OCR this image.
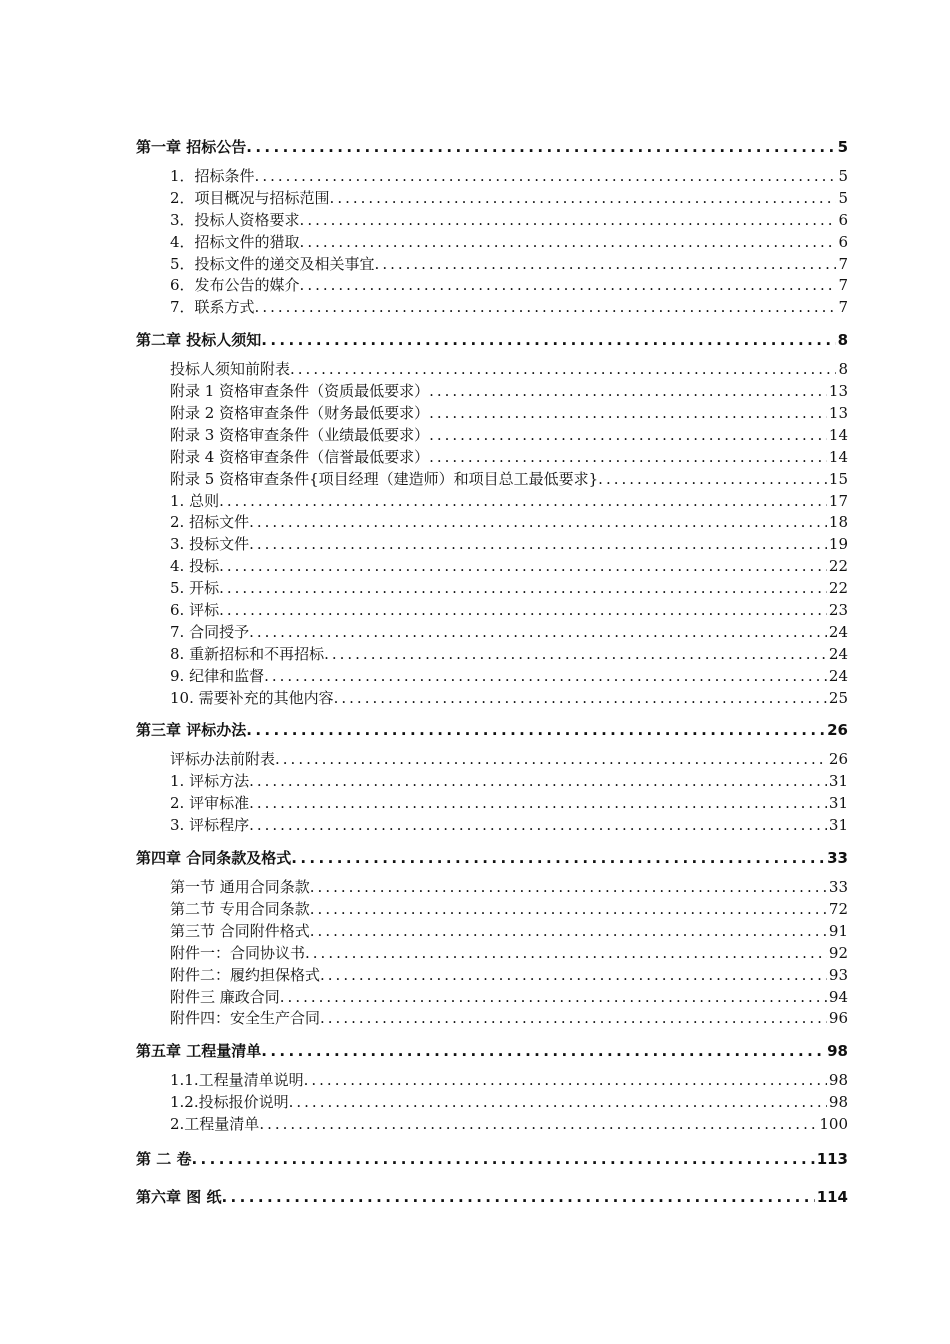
第一章 招标公告 .....	5
1．招标条件 .....	5
2．项目概况与招标范围 .....	5
3．投标人资格要求 .....	6
4．招标文件的猎取 .....	6
5．投标文件的递交及相关事宜 .....	7
6．发布公告的媒介 .....	7
7．联系方式 .....	7
第二章 投标人须知 .....	8
投标人须知前附表 .....	8
附录 1 资格审查条件（资质最低要求） .....	13
附录 2 资格审查条件（财务最低要求） .....	13
附录 3 资格审查条件（业绩最低要求） .....	14
附录 4 资格审查条件（信誉最低要求） .....	14
附录 5 资格审查条件{项目经理（建造师）和项目总工最低要求} .....	15
1. 总则 .....	17
2. 招标文件 .....	18
3. 投标文件 .....	19
4. 投标 .....	22
5. 开标 .....	22
6. 评标 .....	23
7. 合同授予 .....	24
8. 重新招标和不再招标 .....	24
9. 纪律和监督 .....	24
10. 需要补充的其他内容 .....	25
第三章 评标办法 .....	26
评标办法前附表 .....	26
1. 评标方法 .....	31
2. 评审标准 .....	31
3. 评标程序 .....	31
第四章 合同条款及格式 .....	33
第一节 通用合同条款 .....	33
第二节 专用合同条款 .....	72
第三节 合同附件格式 .....	91
附件一：合同协议书 .....	92
附件二：履约担保格式 .....	93
附件三 廉政合同 .....	94
附件四：安全生产合同 .....	96
第五章 工程量清单 .....	98
1.1.工程量清单说明 .....	98
1.2.投标报价说明 .....	98
2.工程量清单 .....	100
第 二 卷 .....	113
第六章 图 纸 .....	114
